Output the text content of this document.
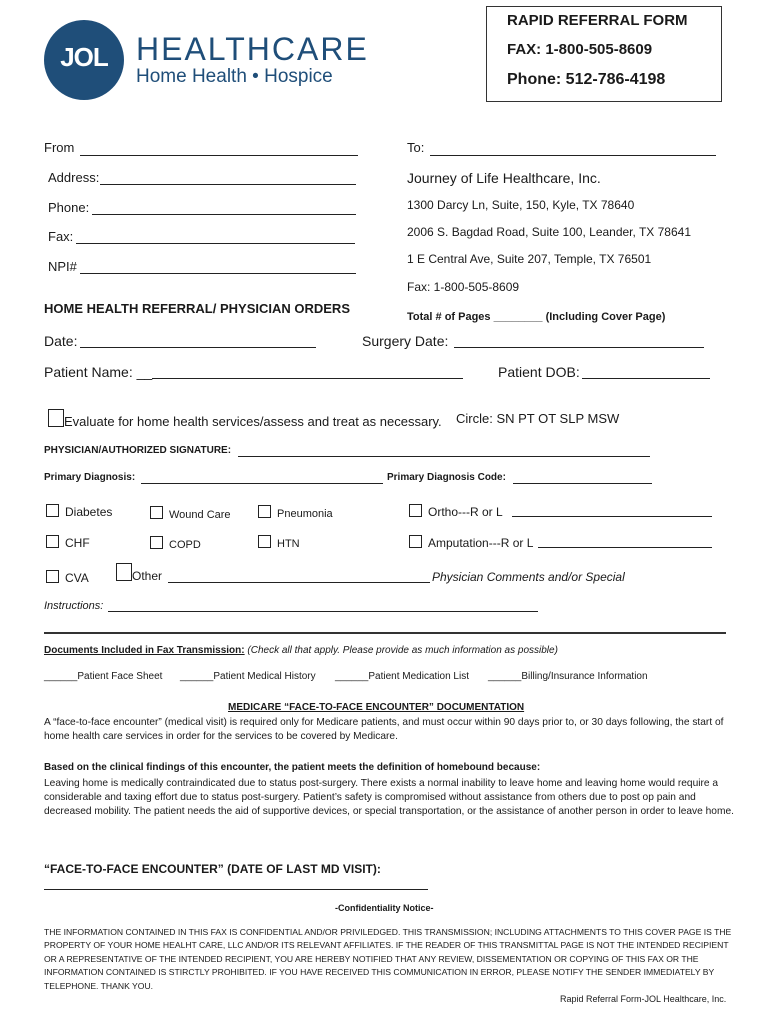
JOL HEALTHCARE
Home Health • Hospice
RAPID REFERRAL FORM
FAX: 1-800-505-8609
Phone: 512-786-4198
From
Address:
Phone:
Fax:
NPI#
To:
Journey of Life Healthcare, Inc.
1300 Darcy Ln, Suite, 150, Kyle, TX 78640
2006 S. Bagdad Road, Suite 100, Leander, TX 78641
1 E Central Ave, Suite 207, Temple, TX 76501
Fax: 1-800-505-8609
HOME HEALTH REFERRAL/ PHYSICIAN ORDERS
Total # of Pages ________ (Including Cover Page)
Date:	Surgery Date:
Patient Name: __	Patient DOB:
Evaluate for home health services/assess and treat as necessary. Circle: SN PT OT SLP MSW
PHYSICIAN/AUTHORIZED SIGNATURE:
Primary Diagnosis:	Primary Diagnosis Code:
Diabetes	Wound Care	Pneumonia	Ortho---R or L
CHF	COPD	HTN	Amputation---R or L
CVA	Other	Physician Comments and/or Special
Instructions:
Documents Included in Fax Transmission: (Check all that apply. Please provide as much information as possible)
______Patient Face Sheet ______Patient Medical History ______Patient Medication List ______Billing/Insurance Information
MEDICARE “FACE-TO-FACE ENCOUNTER” DOCUMENTATION
A “face-to-face encounter” (medical visit) is required only for Medicare patients, and must occur within 90 days prior to, or 30 days following, the start of home health care services in order for the services to be covered by Medicare.
Based on the clinical findings of this encounter, the patient meets the definition of homebound because:
Leaving home is medically contraindicated due to status post-surgery. There exists a normal inability to leave home and leaving home would require a considerable and taxing effort due to status post-surgery. Patient’s safety is compromised without assistance from others due to post op pain and decreased mobility. The patient needs the aid of supportive devices, or special transportation, or the assistance of another person in order to leave home.
“FACE-TO-FACE ENCOUNTER” (DATE OF LAST MD VISIT):
-Confidentiality Notice-
THE INFORMATION CONTAINED IN THIS FAX IS CONFIDENTIAL AND/OR PRIVILEDGED. THIS TRANSMISSION; INCLUDING ATTACHMENTS TO THIS COVER PAGE IS THE PROPERTY OF YOUR HOME HEALHT CARE, LLC AND/OR ITS RELEVANT AFFILIATES. IF THE READER OF THIS TRANSMITTAL PAGE IS NOT THE INTENDED RECIPIENT OR A REPRESENTATIVE OF THE INTENDED RECIPIENT, YOU ARE HEREBY NOTIFIED THAT ANY REVIEW, DISSEMENTATION OR COPYING OF THIS FAX OR THE INFORMATION CONTAINED IS STIRCTLY PROHIBITED. IF YOU HAVE RECEIVED THIS COMMUNICATION IN ERROR, PLEASE NOTIFY THE SENDER IMMEDIATELY BY TELEPHONE. THANK YOU.
Rapid Referral Form-JOL Healthcare, Inc.
